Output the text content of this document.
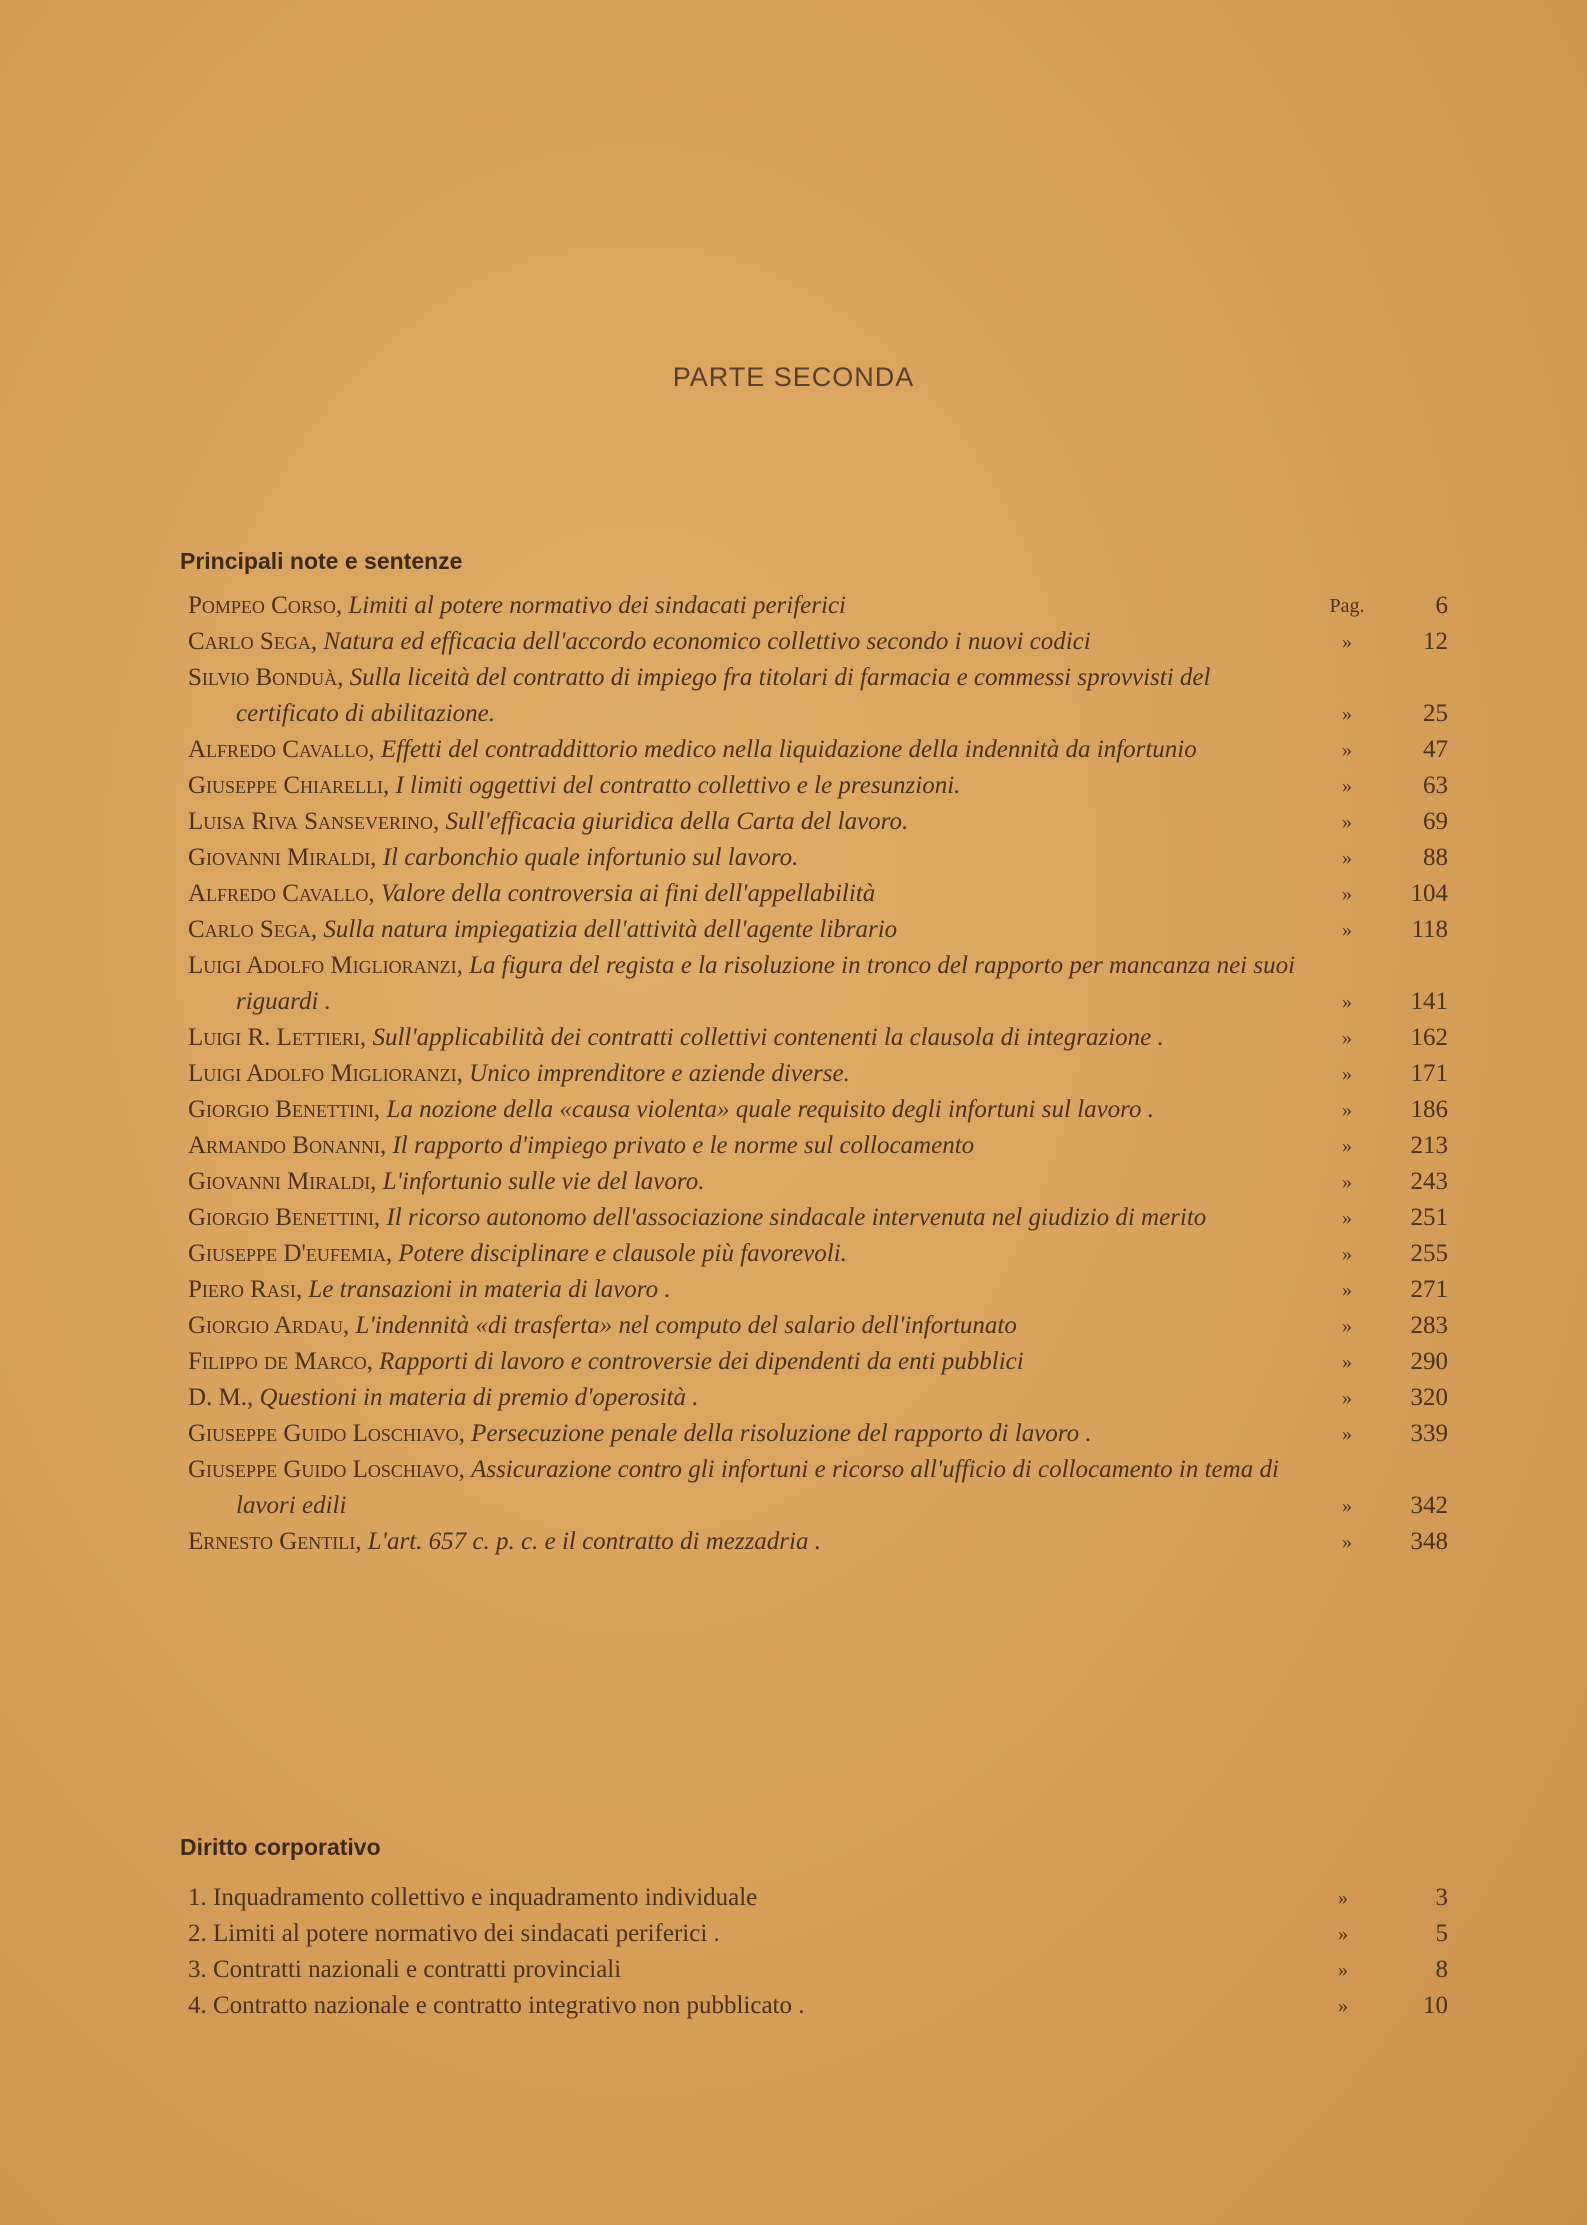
PARTE SECONDA
Principali note e sentenze
Pompeo Corso, Limiti al potere normativo dei sindacati periferici	Pag.	6
Carlo Sega, Natura ed efficacia dell'accordo economico collettivo secondo i nuovi codici	»	12
Silvio Bonduà, Sulla liceità del contratto di impiego fra titolari di farmacia e commessi sprovvisti del certificato di abilitazione.	»	25
Alfredo Cavallo, Effetti del contraddittorio medico nella liquidazione della indennità da infortunio	»	47
Giuseppe Chiarelli, I limiti oggettivi del contratto collettivo e le presunzioni.	»	63
Luisa Riva Sanseverino, Sull'efficacia giuridica della Carta del lavoro.	»	69
Giovanni Miraldi, Il carbonchio quale infortunio sul lavoro.	»	88
Alfredo Cavallo, Valore della controversia ai fini dell'appellabilità	»	104
Carlo Sega, Sulla natura impiegatizia dell'attività dell'agente librario	»	118
Luigi Adolfo Miglioranzi, La figura del regista e la risoluzione in tronco del rapporto per mancanza nei suoi riguardi .	»	141
Luigi R. Lettieri, Sull'applicabilità dei contratti collettivi contenenti la clausola di integrazione .	»	162
Luigi Adolfo Miglioranzi, Unico imprenditore e aziende diverse.	»	171
Giorgio Benettini, La nozione della «causa violenta» quale requisito degli infortuni sul lavoro .	»	186
Armando Bonanni, Il rapporto d'impiego privato e le norme sul collocamento	»	213
Giovanni Miraldi, L'infortunio sulle vie del lavoro.	»	243
Giorgio Benettini, Il ricorso autonomo dell'associazione sindacale intervenuta nel giudizio di merito	»	251
Giuseppe D'eufemia, Potere disciplinare e clausole più favorevoli.	»	255
Piero Rasi, Le transazioni in materia di lavoro .	»	271
Giorgio Ardau, L'indennità «di trasferta» nel computo del salario dell'infortunato	»	283
Filippo de Marco, Rapporti di lavoro e controversie dei dipendenti da enti pubblici	»	290
D. M., Questioni in materia di premio d'operosità .	»	320
Giuseppe Guido Loschiavo, Persecuzione penale della risoluzione del rapporto di lavoro .	»	339
Giuseppe Guido Loschiavo, Assicurazione contro gli infortuni e ricorso all'ufficio di collocamento in tema di lavori edili	»	342
Ernesto Gentili, L'art. 657 c. p. c. e il contratto di mezzadria .	»	348
Diritto corporativo
1. Inquadramento collettivo e inquadramento individuale	»	3
2. Limiti al potere normativo dei sindacati periferici .	»	5
3. Contratti nazionali e contratti provinciali	»	8
4. Contratto nazionale e contratto integrativo non pubblicato .	»	10
